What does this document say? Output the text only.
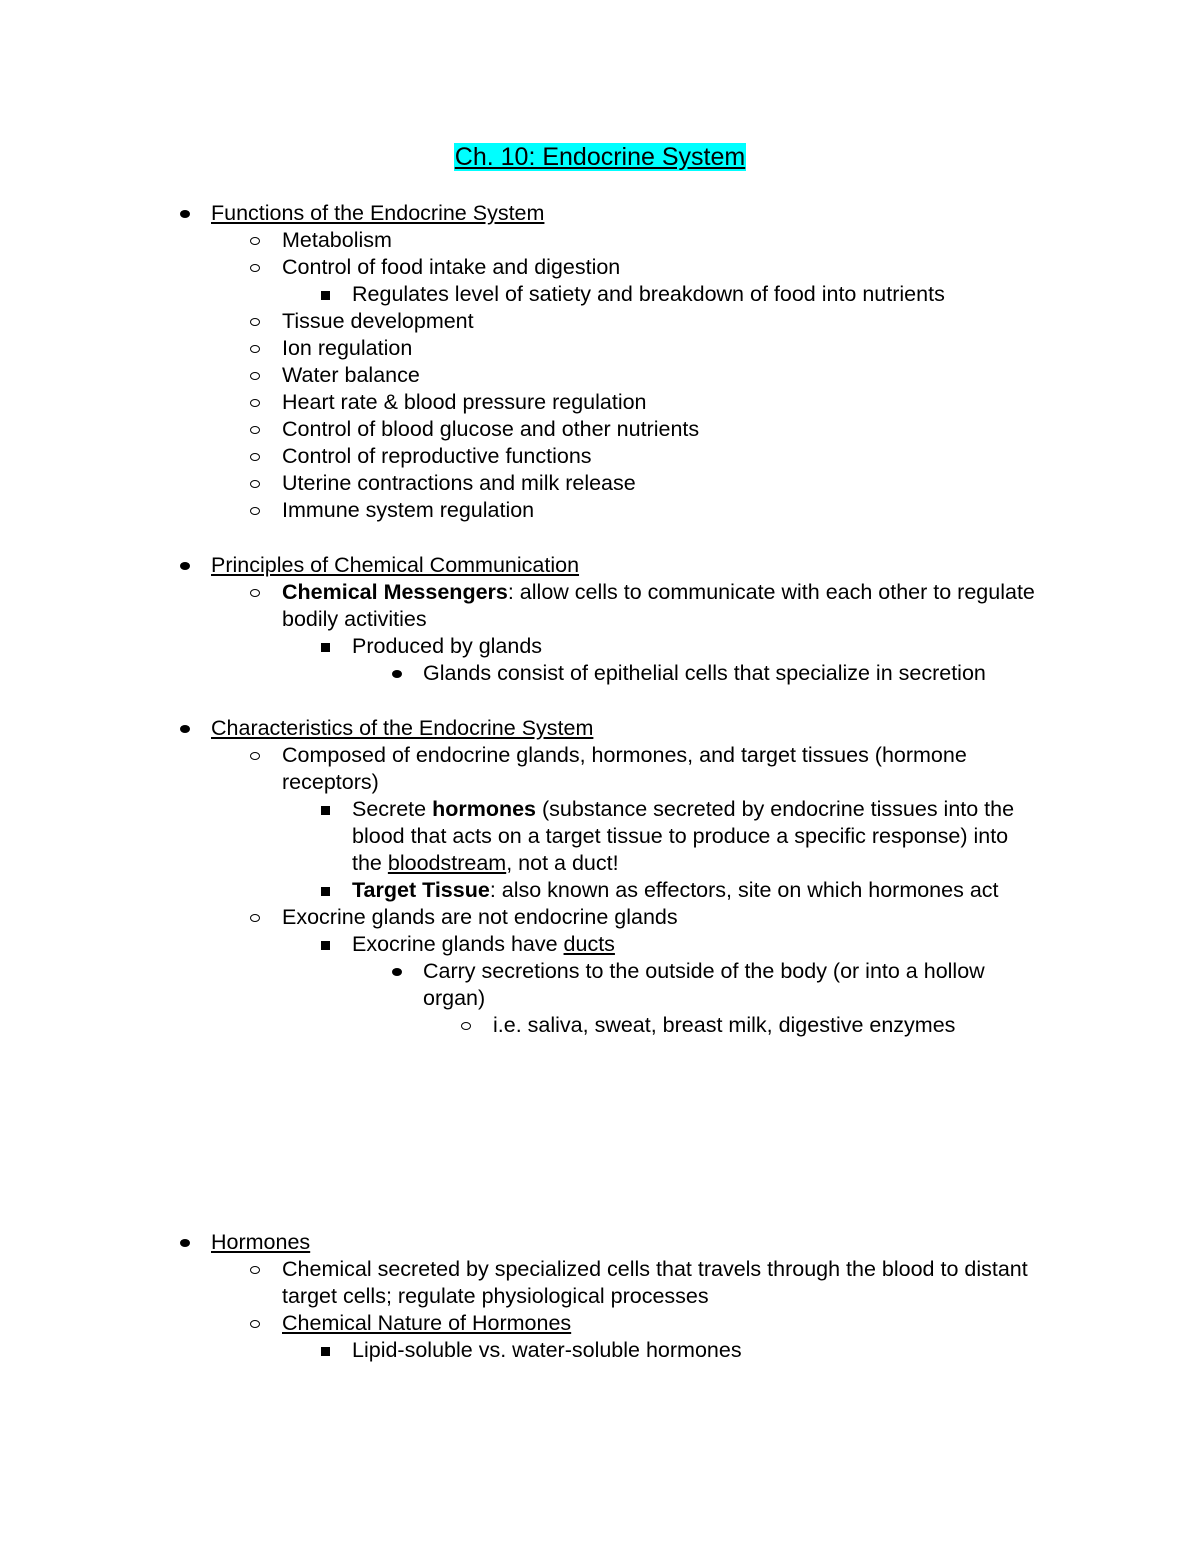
Ch. 10: Endocrine System
Functions of the Endocrine System
Metabolism
Control of food intake and digestion
Regulates level of satiety and breakdown of food into nutrients
Tissue development
Ion regulation
Water balance
Heart rate & blood pressure regulation
Control of blood glucose and other nutrients
Control of reproductive functions
Uterine contractions and milk release
Immune system regulation
Principles of Chemical Communication
Chemical Messengers: allow cells to communicate with each other to regulate bodily activities
Produced by glands
Glands consist of epithelial cells that specialize in secretion
Characteristics of the Endocrine System
Composed of endocrine glands, hormones, and target tissues (hormone receptors)
Secrete hormones (substance secreted by endocrine tissues into the blood that acts on a target tissue to produce a specific response) into the bloodstream, not a duct!
Target Tissue: also known as effectors, site on which hormones act
Exocrine glands are not endocrine glands
Exocrine glands have ducts
Carry secretions to the outside of the body (or into a hollow organ)
i.e. saliva, sweat, breast milk, digestive enzymes
Hormones
Chemical secreted by specialized cells that travels through the blood to distant target cells; regulate physiological processes
Chemical Nature of Hormones
Lipid-soluble vs. water-soluble hormones
